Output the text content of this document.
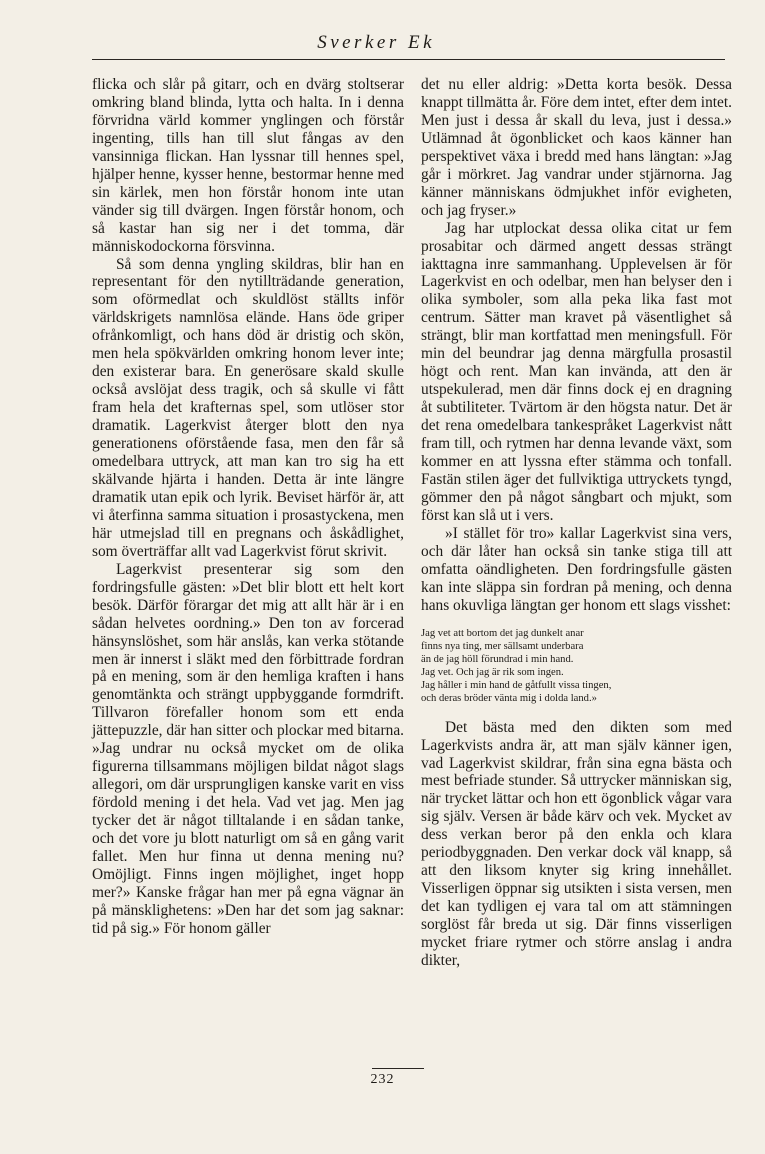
Sverker Ek

flicka och slår på gitarr, och en dvärg stoltserar omkring bland blinda, lytta och halta. In i denna förvridna värld kommer ynglingen och förstår ingenting, tills han till slut fångas av den vansinniga flickan. Han lyssnar till hennes spel, hjälper henne, kysser henne, bestormar henne med sin kärlek, men hon förstår honom inte utan vänder sig till dvärgen. Ingen förstår honom, och så kastar han sig ner i det tomma, där människodockorna försvinna.

Så som denna yngling skildras, blir han en representant för den nytillträdande generation, som oförmedlat och skuldlöst ställts inför världskrigets namnlösa elände. Hans öde griper ofrånkomligt, och hans död är dristig och skön, men hela spökvärlden omkring honom lever inte; den existerar bara. En generösare skald skulle också avslöjat dess tragik, och så skulle vi fått fram hela det krafternas spel, som utlöser stor dramatik. Lagerkvist återger blott den nya generationens oförstående fasa, men den får så omedelbara uttryck, att man kan tro sig ha ett skälvande hjärta i handen. Detta är inte längre dramatik utan epik och lyrik. Beviset härför är, att vi återfinna samma situation i prosastyckena, men här utmejslad till en pregnans och åskådlighet, som överträffar allt vad Lagerkvist förut skrivit.

Lagerkvist presenterar sig som den fordringsfulle gästen: »Det blir blott ett helt kort besök. Därför förargar det mig att allt här är i en sådan helvetes oordning.» Den ton av forcerad hänsynslöshet, som här anslås, kan verka stötande men är innerst i släkt med den förbittrade fordran på en mening, som är den hemliga kraften i hans genomtänkta och strängt uppbyggande formdrift. Tillvaron förefaller honom som ett enda jättepuzzle, där han sitter och plockar med bitarna. »Jag undrar nu också mycket om de olika figurerna tillsammans möjligen bildat något slags allegori, om där ursprungligen kanske varit en viss fördold mening i det hela. Vad vet jag. Men jag tycker det är något tilltalande i en sådan tanke, och det vore ju blott naturligt om så en gång varit fallet. Men hur finna ut denna mening nu? Omöjligt. Finns ingen möjlighet, inget hopp mer?» Kanske frågar han mer på egna vägnar än på mänsklighetens: »Den har det som jag saknar: tid på sig.» För honom gäller

det nu eller aldrig: »Detta korta besök. Dessa knappt tillmätta år. Före dem intet, efter dem intet. Men just i dessa år skall du leva, just i dessa.» Utlämnad åt ögonblicket och kaos känner han perspektivet växa i bredd med hans längtan: »Jag går i mörkret. Jag vandrar under stjärnorna. Jag känner människans ödmjukhet inför evigheten, och jag fryser.»

Jag har utplockat dessa olika citat ur fem prosabitar och därmed angett dessas strängt iakttagna inre sammanhang. Upplevelsen är för Lagerkvist en och odelbar, men han belyser den i olika symboler, som alla peka lika fast mot centrum. Sätter man kravet på väsentlighet så strängt, blir man kortfattad men meningsfull. För min del beundrar jag denna märgfulla prosastil högt och rent. Man kan invända, att den är utspekulerad, men där finns dock ej en dragning åt subtiliteter. Tvärtom är den högsta natur. Det är det rena omedelbara tankespråket Lagerkvist nått fram till, och rytmen har denna levande växt, som kommer en att lyssna efter stämma och tonfall. Fastän stilen äger det fullviktiga uttryckets tyngd, gömmer den på något sångbart och mjukt, som först kan slå ut i vers.

»I stället för tro» kallar Lagerkvist sina vers, och där låter han också sin tanke stiga till att omfatta oändligheten. Den fordringsfulle gästen kan inte släppa sin fordran på mening, och denna hans okuvliga längtan ger honom ett slags visshet:

Jag vet att bortom det jag dunkelt anar
finns nya ting, mer sällsamt underbara
än de jag höll förundrad i min hand.
Jag vet. Och jag är rik som ingen.
Jag håller i min hand de gåtfullt vissa tingen,
och deras bröder vänta mig i dolda land.»

Det bästa med den dikten som med Lagerkvists andra är, att man själv känner igen, vad Lagerkvist skildrar, från sina egna bästa och mest befriade stunder. Så uttrycker människan sig, när trycket lättar och hon ett ögonblick vågar vara sig själv. Versen är både kärv och vek. Mycket av dess verkan beror på den enkla och klara periodbyggnaden. Den verkar dock väl knapp, så att den liksom knyter sig kring innehållet. Visserligen öppnar sig utsikten i sista versen, men det kan tydligen ej vara tal om att stämningen sorglöst får breda ut sig. Där finns visserligen mycket friare rytmer och större anslag i andra dikter,

232
